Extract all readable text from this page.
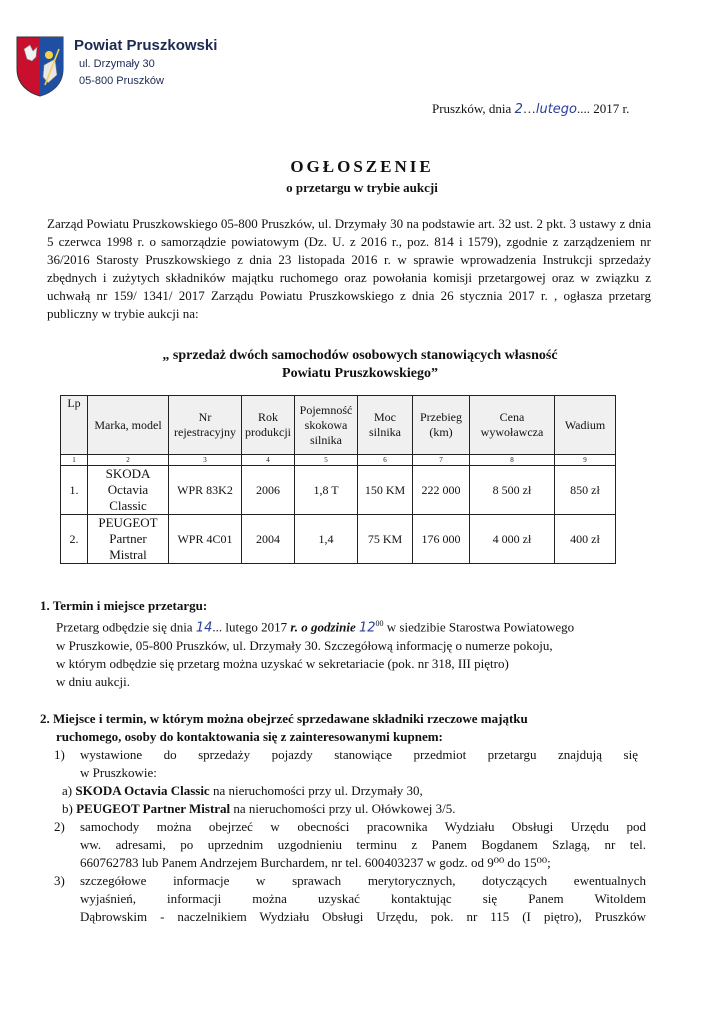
Powiat Pruszkowski
ul. Drzymały 30
05-800 Pruszków
Pruszków, dnia 2…lutego.... 2017 r.
OGŁOSZENIE
o przetargu w trybie aukcji
Zarząd Powiatu Pruszkowskiego 05-800 Pruszków, ul. Drzymały 30 na podstawie art. 32 ust. 2 pkt. 3 ustawy z dnia 5 czerwca 1998 r. o samorządzie powiatowym (Dz. U. z 2016 r., poz. 814 i 1579), zgodnie z zarządzeniem nr 36/2016 Starosty Pruszkowskiego z dnia 23 listopada 2016 r. w sprawie wprowadzenia Instrukcji sprzedaży zbędnych i zużytych składników majątku ruchomego oraz powołania komisji przetargowej oraz w związku z uchwałą nr 159/ 1341/ 2017 Zarządu Powiatu Pruszkowskiego z dnia 26 stycznia 2017 r. , ogłasza przetarg publiczny w trybie aukcji na:
„ sprzedaż dwóch samochodów osobowych stanowiących własność
Powiatu Pruszkowskiego”
Lp	Marka, model	Nr rejestracyjny	Rok produkcji	Pojemność skokowa silnika	Moc silnika	Przebieg (km)	Cena wywoławcza	Wadium
1	2	3	4	5	6	7	8	9
1.	SKODA Octavia Classic	WPR 83K2	2006	1,8 T	150 KM	222 000	8 500 zł	850 zł
2.	PEUGEOT Partner Mistral	WPR 4C01	2004	1,4	75 KM	176 000	4 000 zł	400 zł
1. Termin i miejsce przetargu:
Przetarg odbędzie się dnia 14... lutego 2017 r. o godzinie $12^{00}$ w siedzibie Starostwa Powiatowego
w Pruszkowie, 05-800 Pruszków, ul. Drzymały 30. Szczegółową informację o numerze pokoju,
w którym odbędzie się przetarg można uzyskać w sekretariacie (pok. nr 318, III piętro)
w dniu aukcji.
2. Miejsce i termin, w którym można obejrzeć sprzedawane składniki rzeczowe majątku
ruchomego, osoby do kontaktowania się z zainteresowanymi kupnem:
1) wystawione do sprzedaży pojazdy stanowiące przedmiot przetargu znajdują się
w Pruszkowie:
a) SKODA Octavia Classic na nieruchomości przy ul. Drzymały 30,
b) PEUGEOT Partner Mistral na nieruchomości przy ul. Ołówkowej 3/5.
2) samochody można obejrzeć w obecności pracownika Wydziału Obsługi Urzędu pod
ww. adresami, po uprzednim uzgodnieniu terminu z Panem Bogdanem Szlagą, nr tel.
660762783 lub Panem Andrzejem Burchardem, nr tel. 600403237 w godz. od 9⁰⁰ do 15⁰⁰;
3) szczegółowe informacje w sprawach merytorycznych, dotyczących ewentualnych
wyjaśnień, informacji można uzyskać kontaktując się Panem Witoldem
Dąbrowskim - naczelnikiem Wydziału Obsługi Urzędu, pok. nr 115 (I piętro), Pruszków
